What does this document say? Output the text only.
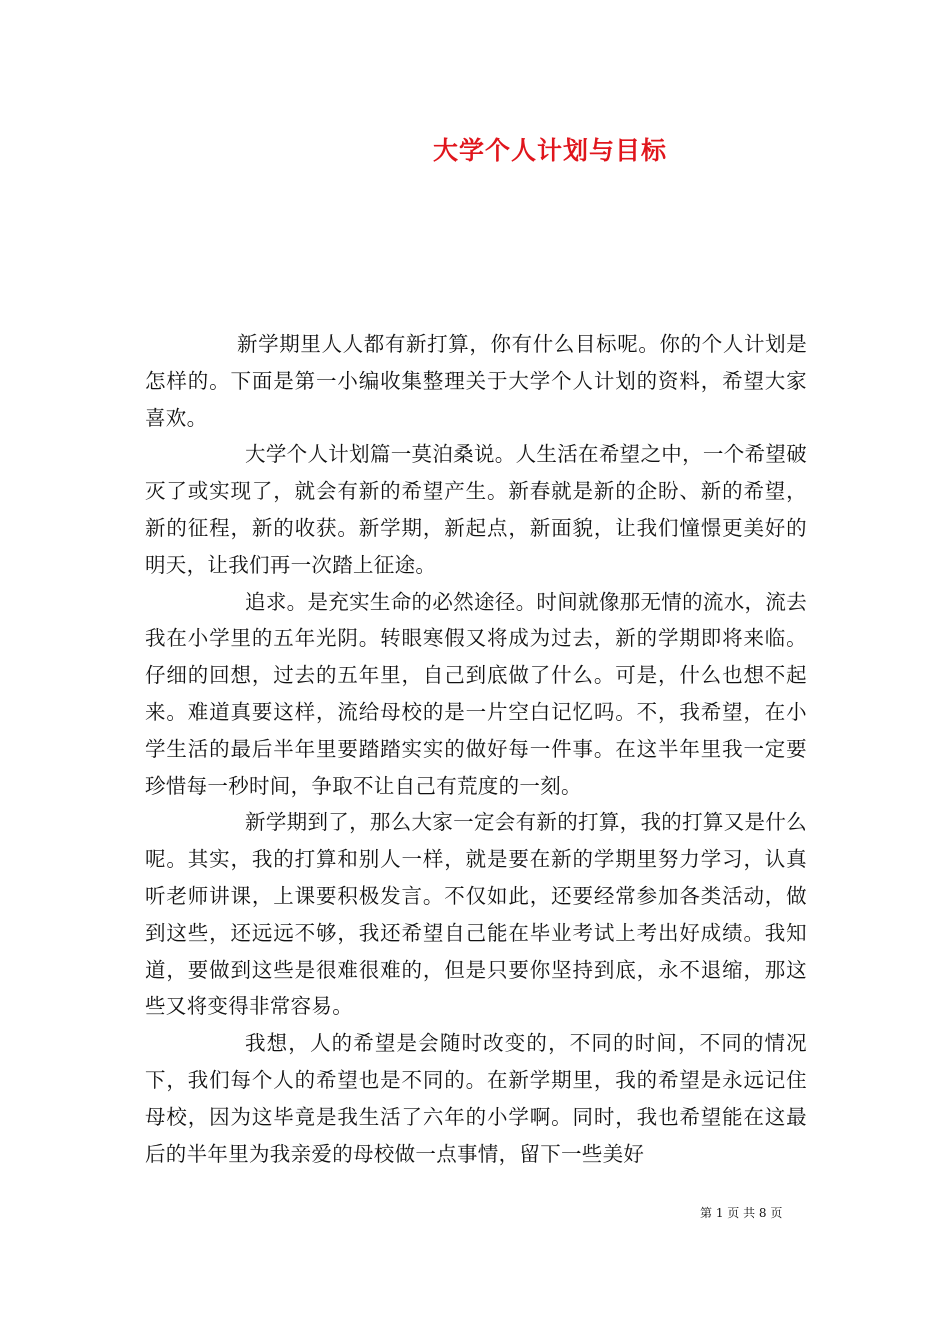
大学个人计划与目标

新学期里人人都有新打算，你有什么目标呢。你的个人计划是怎样的。下面是第一小编收集整理关于大学个人计划的资料，希望大家喜欢。

大学个人计划篇一莫泊桑说。人生活在希望之中，一个希望破灭了或实现了，就会有新的希望产生。新春就是新的企盼、新的希望，新的征程，新的收获。新学期，新起点，新面貌，让我们憧憬更美好的明天，让我们再一次踏上征途。

追求。是充实生命的必然途径。时间就像那无情的流水，流去我在小学里的五年光阴。转眼寒假又将成为过去，新的学期即将来临。仔细的回想，过去的五年里，自己到底做了什么。可是，什么也想不起来。难道真要这样，流给母校的是一片空白记忆吗。不，我希望，在小学生活的最后半年里要踏踏实实的做好每一件事。在这半年里我一定要珍惜每一秒时间，争取不让自己有荒度的一刻。

新学期到了，那么大家一定会有新的打算，我的打算又是什么呢。其实，我的打算和别人一样，就是要在新的学期里努力学习，认真听老师讲课，上课要积极发言。不仅如此，还要经常参加各类活动，做到这些，还远远不够，我还希望自己能在毕业考试上考出好成绩。我知道，要做到这些是很难很难的，但是只要你坚持到底，永不退缩，那这些又将变得非常容易。

我想，人的希望是会随时改变的，不同的时间，不同的情况下，我们每个人的希望也是不同的。在新学期里，我的希望是永远记住母校，因为这毕竟是我生活了六年的小学啊。同时，我也希望能在这最后的半年里为我亲爱的母校做一点事情，留下一些美好

第 1 页 共 8 页
